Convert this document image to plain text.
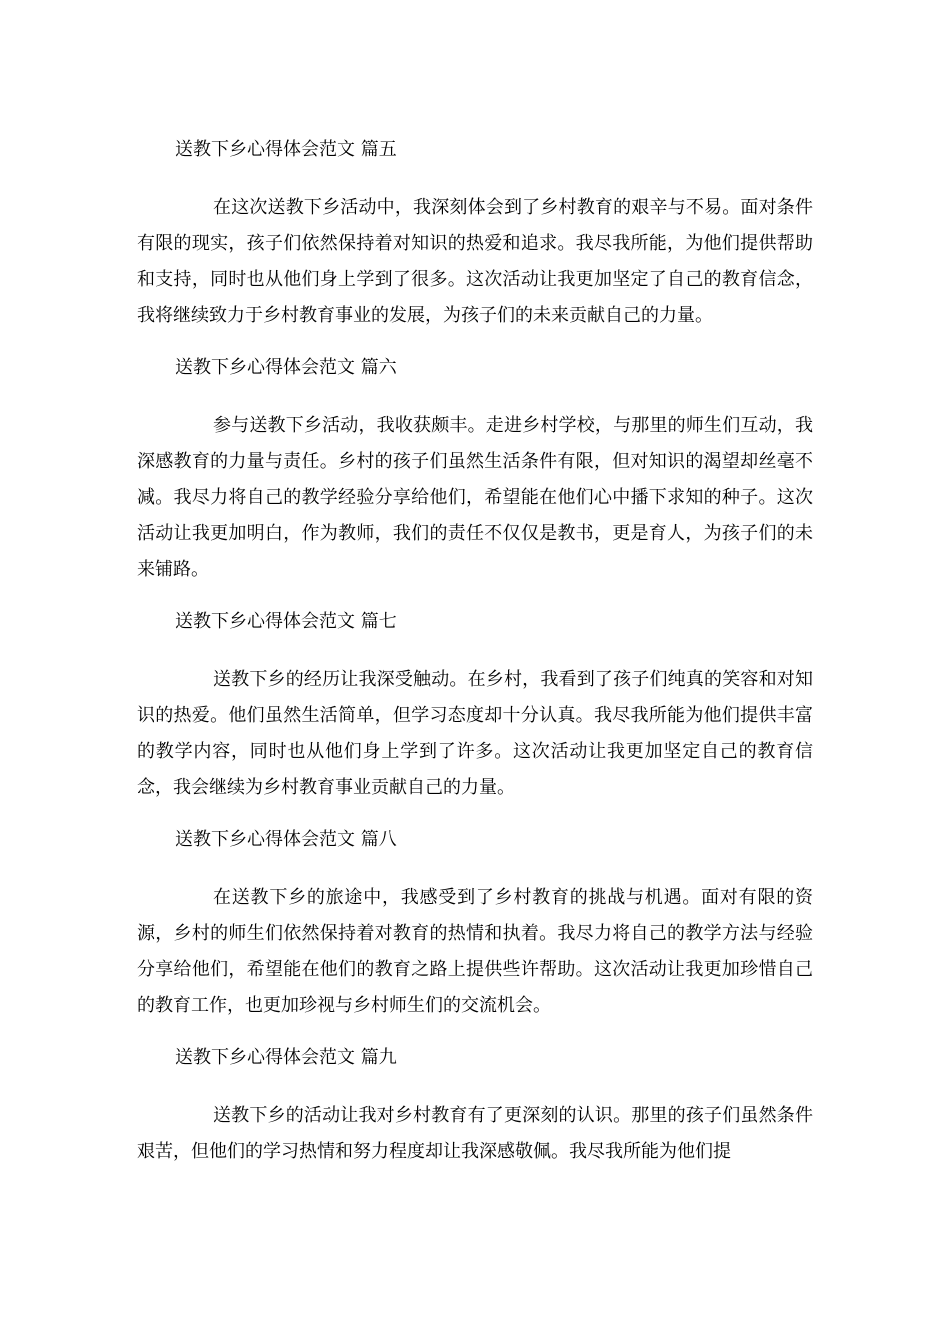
送教下乡心得体会范文 篇五

在这次送教下乡活动中，我深刻体会到了乡村教育的艰辛与不易。面对条件有限的现实，孩子们依然保持着对知识的热爱和追求。我尽我所能，为他们提供帮助和支持，同时也从他们身上学到了很多。这次活动让我更加坚定了自己的教育信念，我将继续致力于乡村教育事业的发展，为孩子们的未来贡献自己的力量。

送教下乡心得体会范文 篇六

参与送教下乡活动，我收获颇丰。走进乡村学校，与那里的师生们互动，我深感教育的力量与责任。乡村的孩子们虽然生活条件有限，但对知识的渴望却丝毫不减。我尽力将自己的教学经验分享给他们，希望能在他们心中播下求知的种子。这次活动让我更加明白，作为教师，我们的责任不仅仅是教书，更是育人，为孩子们的未来铺路。

送教下乡心得体会范文 篇七

送教下乡的经历让我深受触动。在乡村，我看到了孩子们纯真的笑容和对知识的热爱。他们虽然生活简单，但学习态度却十分认真。我尽我所能为他们提供丰富的教学内容，同时也从他们身上学到了许多。这次活动让我更加坚定自己的教育信念，我会继续为乡村教育事业贡献自己的力量。

送教下乡心得体会范文 篇八

在送教下乡的旅途中，我感受到了乡村教育的挑战与机遇。面对有限的资源，乡村的师生们依然保持着对教育的热情和执着。我尽力将自己的教学方法与经验分享给他们，希望能在他们的教育之路上提供些许帮助。这次活动让我更加珍惜自己的教育工作，也更加珍视与乡村师生们的交流机会。

送教下乡心得体会范文 篇九

送教下乡的活动让我对乡村教育有了更深刻的认识。那里的孩子们虽然条件艰苦，但他们的学习热情和努力程度却让我深感敬佩。我尽我所能为他们提
